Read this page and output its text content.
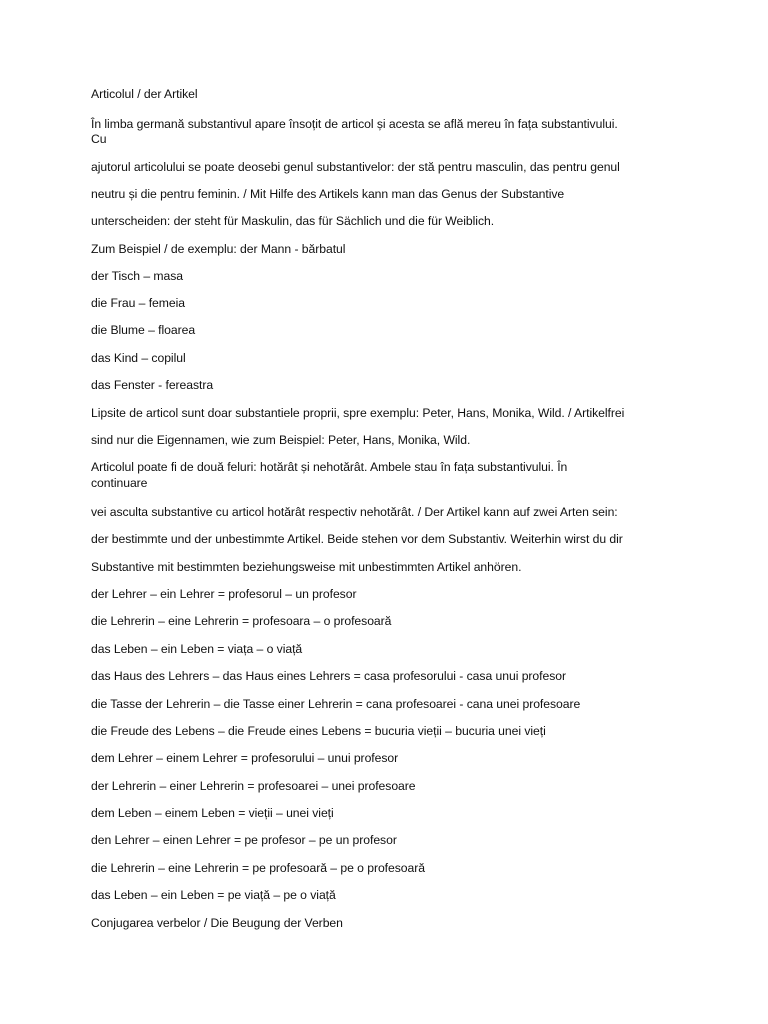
Articolul / der Artikel
În limba germană substantivul apare însoțit de articol și acesta se află mereu în fața substantivului.
Cu
ajutorul articolului se poate deosebi genul substantivelor: der stă pentru masculin, das pentru genul
neutru și die pentru feminin. / Mit Hilfe des Artikels kann man das Genus der Substantive
unterscheiden: der steht für Maskulin, das für Sächlich und die für Weiblich.
Zum Beispiel / de exemplu: der Mann - bărbatul
der Tisch – masa
die Frau – femeia
die Blume – floarea
das Kind – copilul
das Fenster - fereastra
Lipsite de articol sunt doar substantiele proprii, spre exemplu: Peter, Hans, Monika, Wild. / Artikelfrei
sind nur die Eigennamen, wie zum Beispiel: Peter, Hans, Monika, Wild.
Articolul poate fi de două feluri: hotărât și nehotărât. Ambele stau în fața substantivului. În
continuare
vei asculta substantive cu articol hotărât respectiv nehotărât. / Der Artikel kann auf zwei Arten sein:
der bestimmte und der unbestimmte Artikel. Beide stehen vor dem Substantiv. Weiterhin wirst du dir
Substantive mit bestimmten beziehungsweise mit unbestimmten Artikel anhören.
der Lehrer – ein Lehrer = profesorul – un profesor
die Lehrerin – eine Lehrerin = profesoara – o profesoară
das Leben – ein Leben = viața – o viață
das Haus des Lehrers – das Haus eines Lehrers = casa profesorului - casa unui profesor
die Tasse der Lehrerin – die Tasse einer Lehrerin = cana profesoarei - cana unei profesoare
die Freude des Lebens – die Freude eines Lebens = bucuria vieții – bucuria unei vieți
dem Lehrer – einem Lehrer = profesorului – unui profesor
der Lehrerin – einer Lehrerin = profesoarei – unei profesoare
dem Leben – einem Leben = vieții – unei vieți
den Lehrer – einen Lehrer = pe profesor – pe un profesor
die Lehrerin – eine Lehrerin = pe profesoară – pe o profesoară
das Leben – ein Leben = pe viață – pe o viață
Conjugarea verbelor / Die Beugung der Verben
